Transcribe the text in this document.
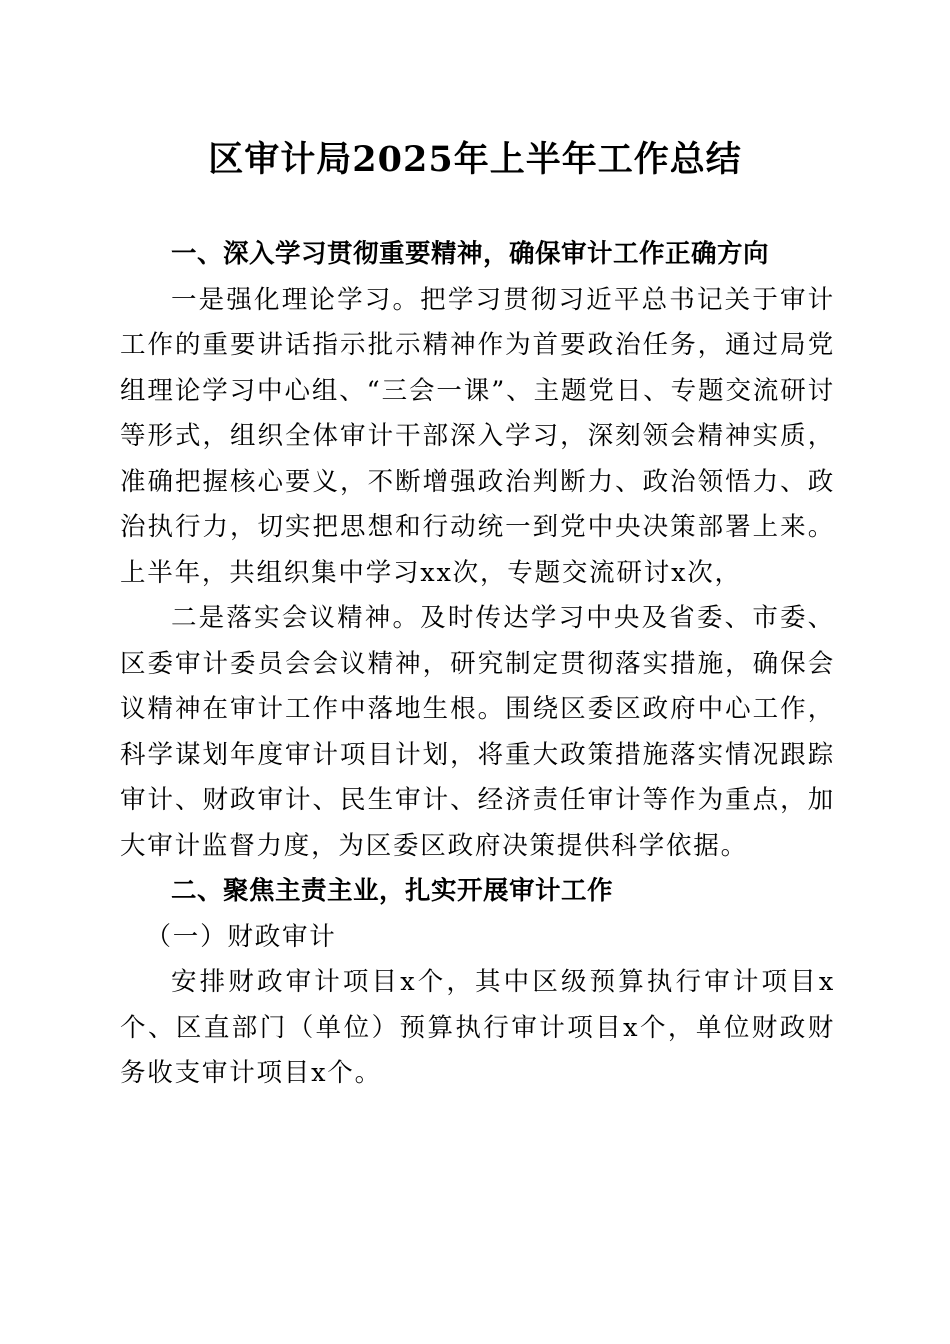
区审计局2025年上半年工作总结

一、深入学习贯彻重要精神，确保审计工作正确方向

一是强化理论学习。把学习贯彻习近平总书记关于审计工作的重要讲话指示批示精神作为首要政治任务，通过局党组理论学习中心组、“三会一课”、主题党日、专题交流研讨等形式，组织全体审计干部深入学习，深刻领会精神实质，准确把握核心要义，不断增强政治判断力、政治领悟力、政治执行力，切实把思想和行动统一到党中央决策部署上来。上半年，共组织集中学习xx次，专题交流研讨x次，

二是落实会议精神。及时传达学习中央及省委、市委、区委审计委员会会议精神，研究制定贯彻落实措施，确保会议精神在审计工作中落地生根。围绕区委区政府中心工作，科学谋划年度审计项目计划，将重大政策措施落实情况跟踪审计、财政审计、民生审计、经济责任审计等作为重点，加大审计监督力度，为区委区政府决策提供科学依据。

二、聚焦主责主业，扎实开展审计工作

（一）财政审计

安排财政审计项目x个，其中区级预算执行审计项目x个、区直部门（单位）预算执行审计项目x个，单位财政财务收支审计项目x个。
